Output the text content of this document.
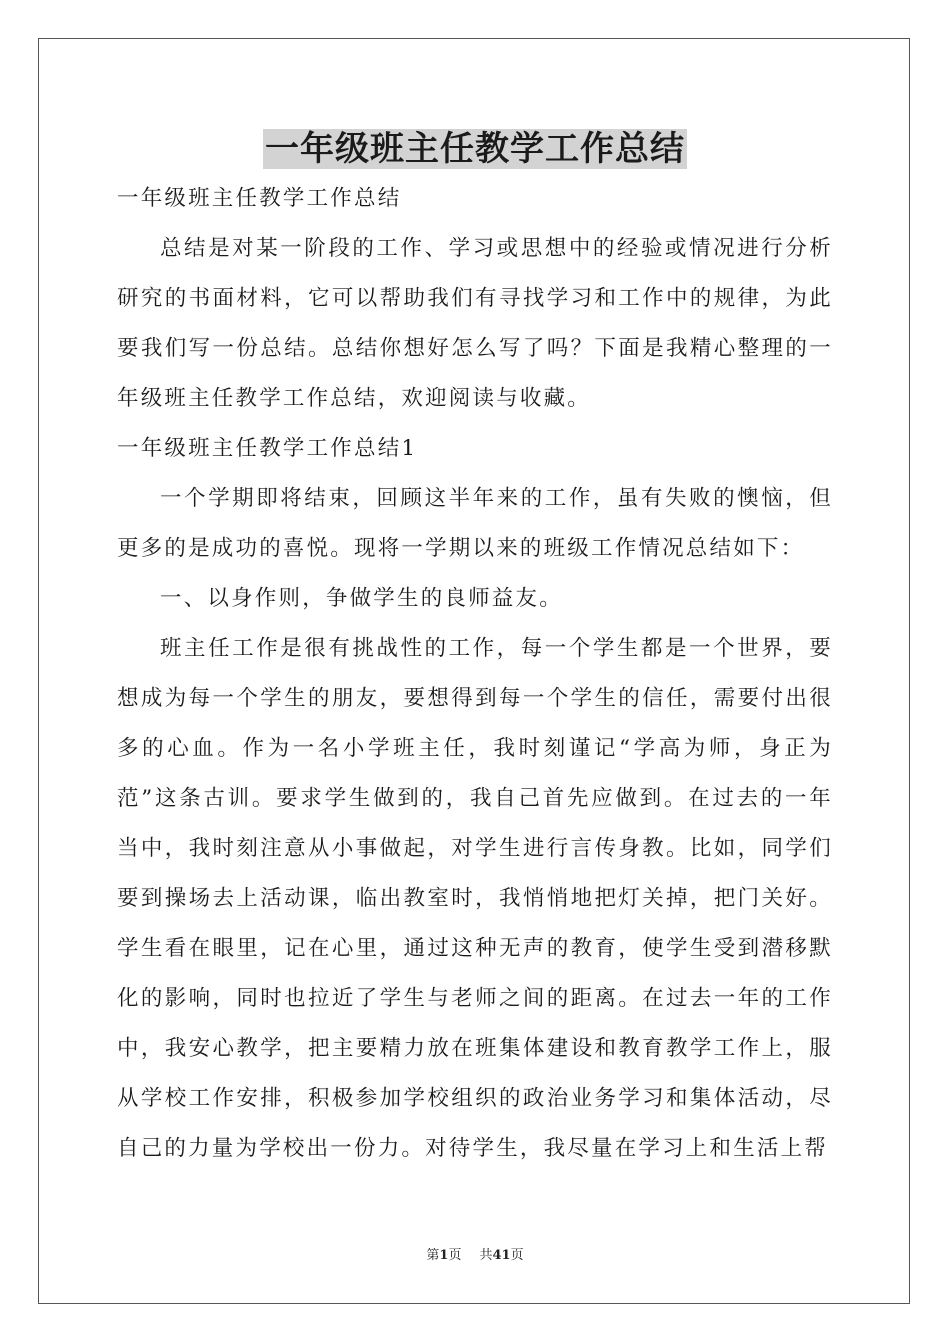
一年级班主任教学工作总结

一年级班主任教学工作总结

总结是对某一阶段的工作、学习或思想中的经验或情况进行分析研究的书面材料，它可以帮助我们有寻找学习和工作中的规律，为此要我们写一份总结。总结你想好怎么写了吗？下面是我精心整理的一年级班主任教学工作总结，欢迎阅读与收藏。

一年级班主任教学工作总结1

一个学期即将结束，回顾这半年来的工作，虽有失败的懊恼，但更多的是成功的喜悦。现将一学期以来的班级工作情况总结如下：

一、以身作则，争做学生的良师益友。

班主任工作是很有挑战性的工作，每一个学生都是一个世界，要想成为每一个学生的朋友，要想得到每一个学生的信任，需要付出很多的心血。作为一名小学班主任，我时刻谨记“学高为师，身正为范”这条古训。要求学生做到的，我自己首先应做到。在过去的一年当中，我时刻注意从小事做起，对学生进行言传身教。比如，同学们要到操场去上活动课，临出教室时，我悄悄地把灯关掉，把门关好。学生看在眼里，记在心里，通过这种无声的教育，使学生受到潜移默化的影响，同时也拉近了学生与老师之间的距离。在过去一年的工作中，我安心教学，把主要精力放在班集体建设和教育教学工作上，服从学校工作安排，积极参加学校组织的政治业务学习和集体活动，尽自己的力量为学校出一份力。对待学生，我尽量在学习上和生活上帮

第1页 共41页
